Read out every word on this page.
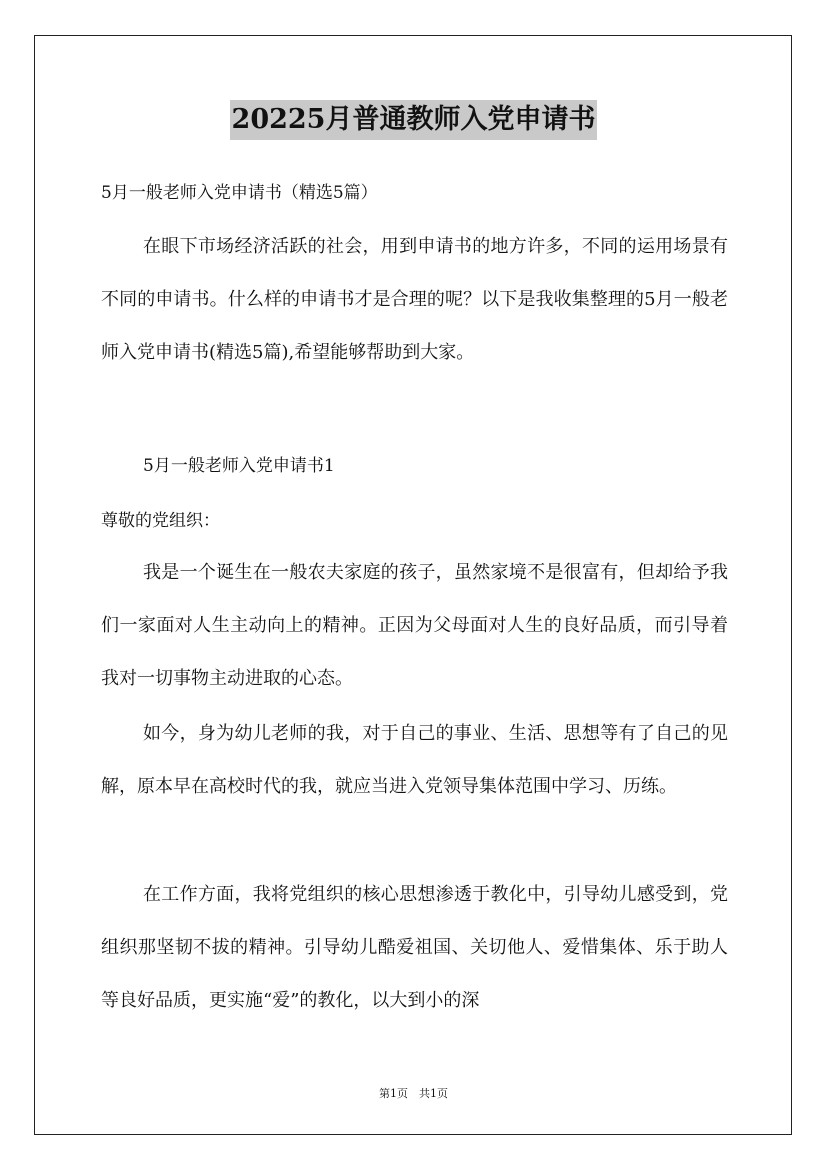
20225月普通教师入党申请书
5月一般老师入党申请书（精选5篇）

在眼下市场经济活跃的社会，用到申请书的地方许多，不同的运用场景有不同的申请书。什么样的申请书才是合理的呢？以下是我收集整理的5月一般老师入党申请书(精选5篇),希望能够帮助到大家。

5月一般老师入党申请书1
尊敬的党组织：

我是一个诞生在一般农夫家庭的孩子，虽然家境不是很富有，但却给予我们一家面对人生主动向上的精神。正因为父母面对人生的良好品质，而引导着我对一切事物主动进取的心态。

如今，身为幼儿老师的我，对于自己的事业、生活、思想等有了自己的见解，原本早在高校时代的我，就应当进入党领导集体范围中学习、历练。

在工作方面，我将党组织的核心思想渗透于教化中，引导幼儿感受到，党组织那坚韧不拔的精神。引导幼儿酷爱祖国、关切他人、爱惜集体、乐于助人等良好品质，更实施“爱”的教化，以大到小的深

第1页　共1页
